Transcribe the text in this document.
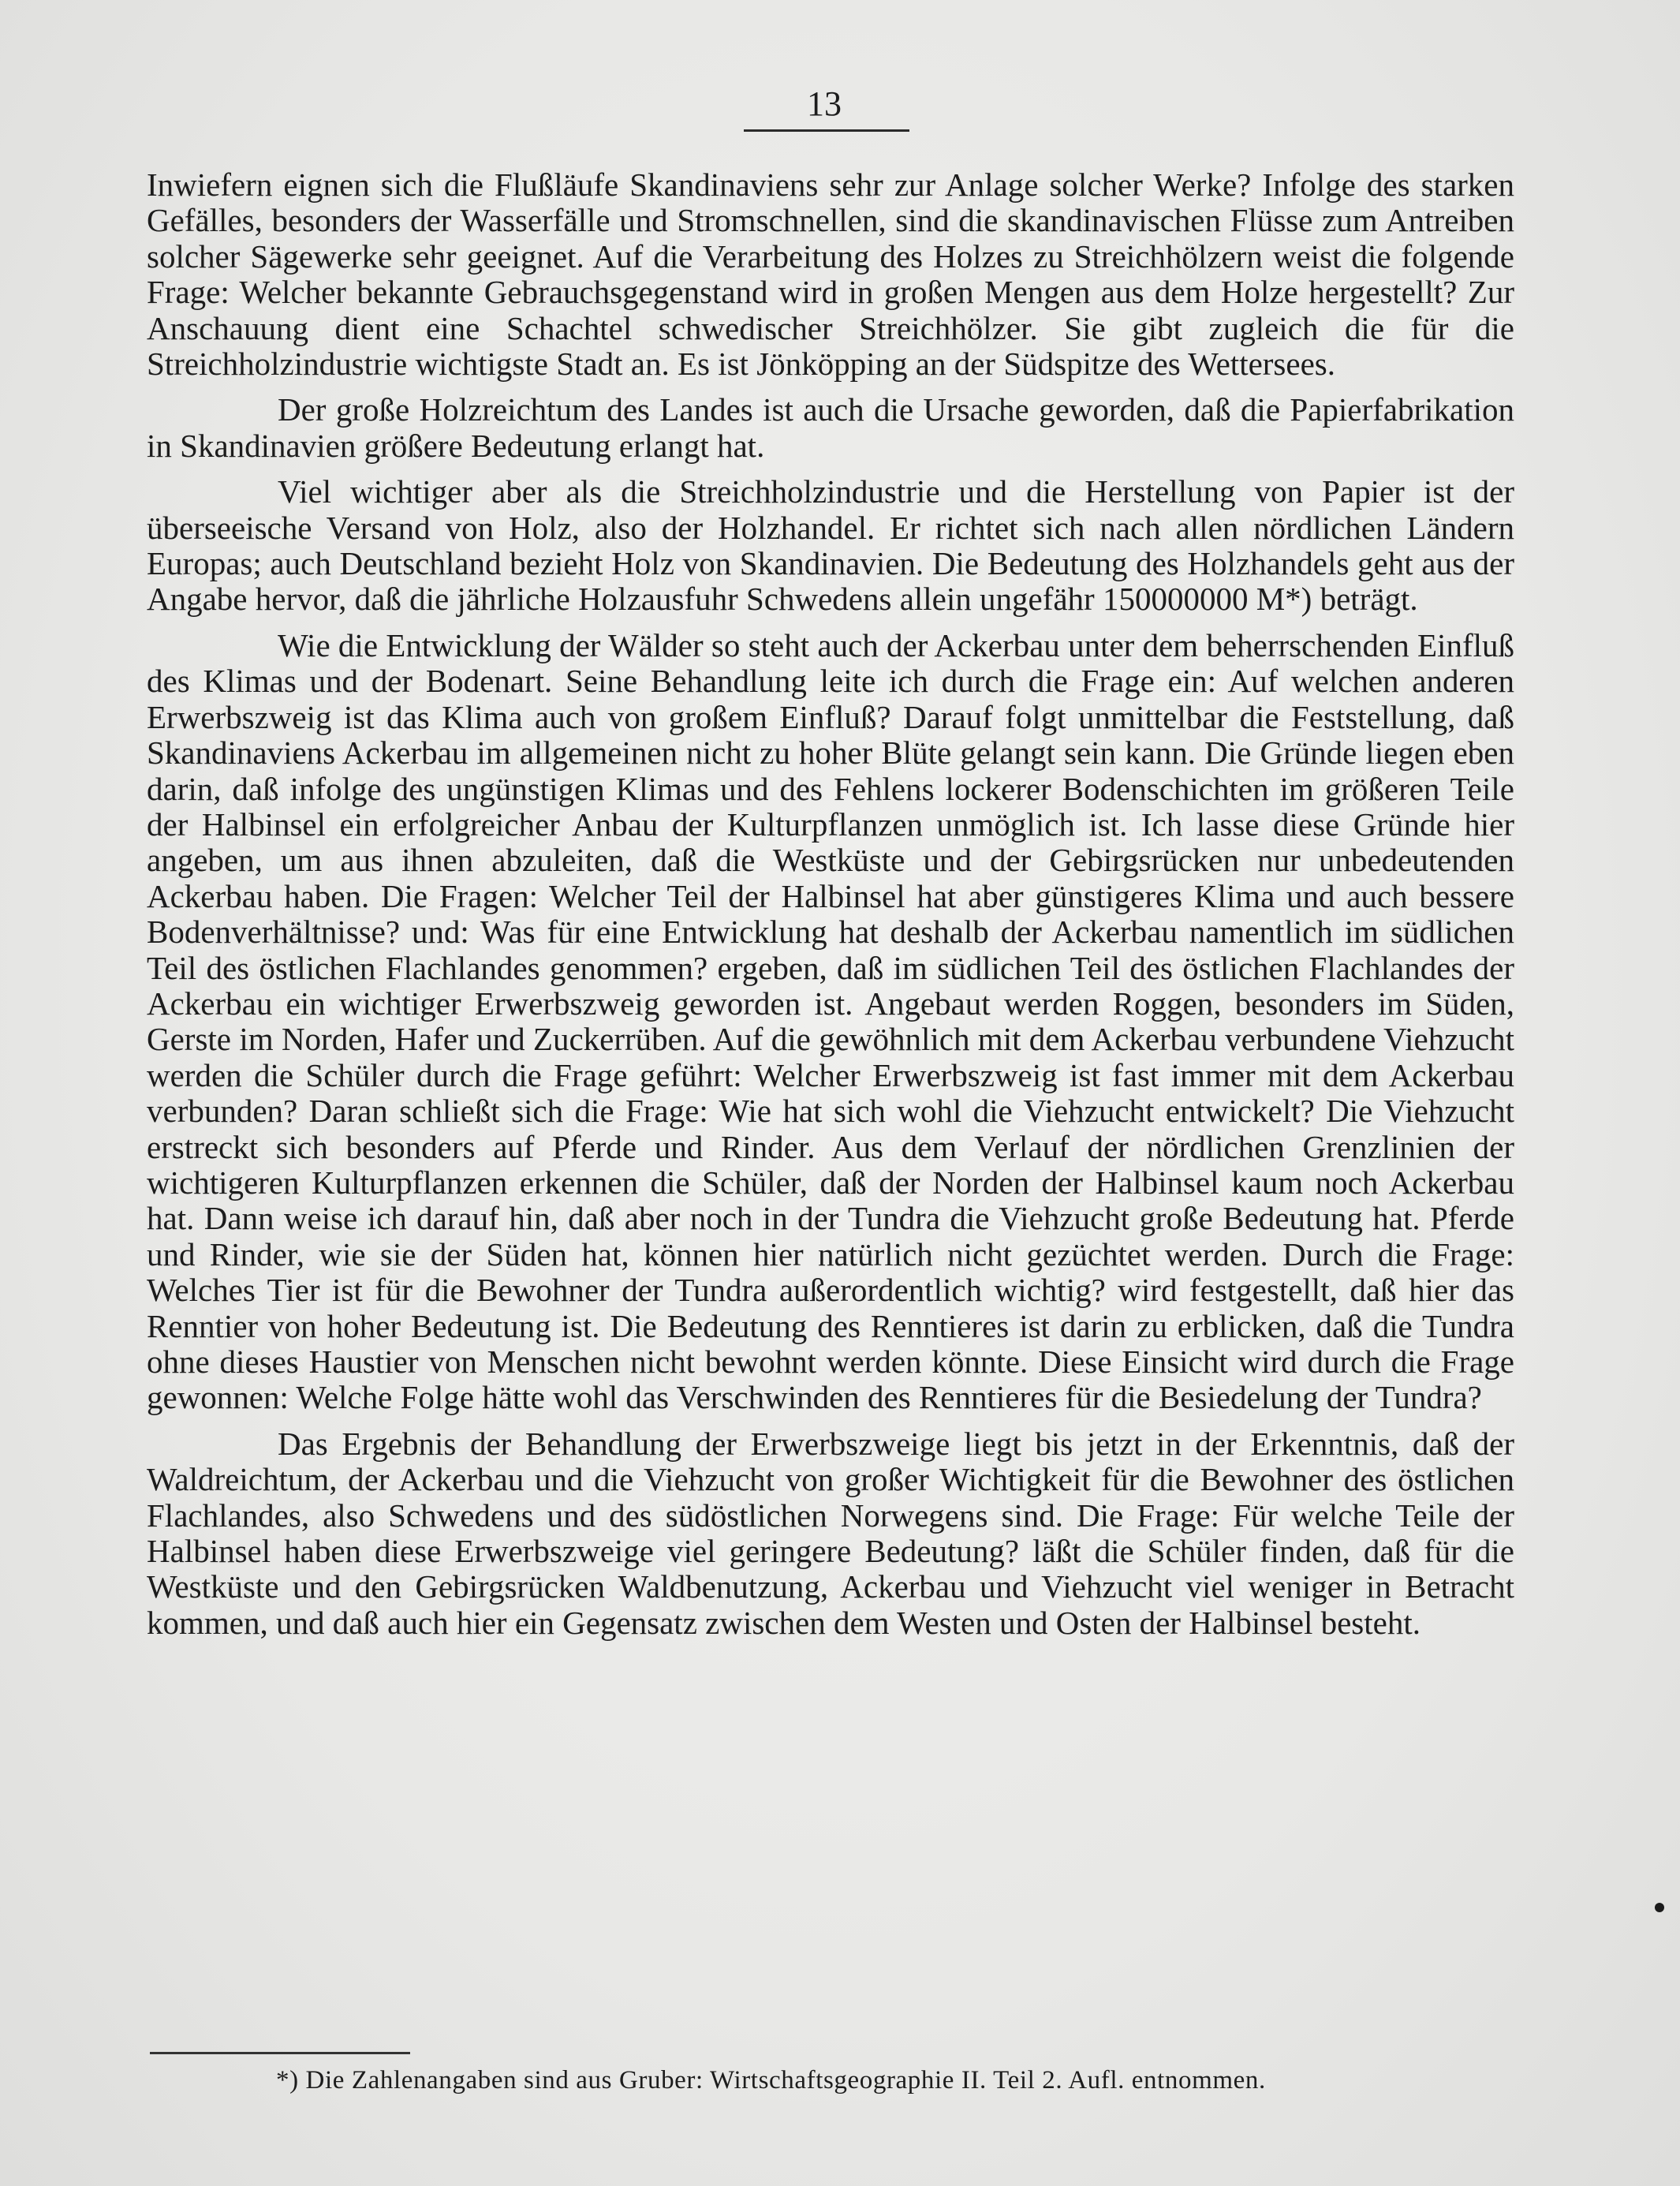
13

Inwiefern eignen sich die Flußläufe Skandinaviens sehr zur Anlage solcher Werke? Infolge des starken Gefälles, besonders der Wasserfälle und Stromschnellen, sind die skandinavischen Flüsse zum Antreiben solcher Sägewerke sehr geeignet. Auf die Verarbeitung des Holzes zu Streichhölzern weist die folgende Frage: Welcher bekannte Gebrauchsgegenstand wird in großen Mengen aus dem Holze hergestellt? Zur Anschauung dient eine Schachtel schwedischer Streichhölzer. Sie gibt zugleich die für die Streichholzindustrie wichtigste Stadt an. Es ist Jönköpping an der Südspitze des Wettersees.

Der große Holzreichtum des Landes ist auch die Ursache geworden, daß die Papierfabrikation in Skandinavien größere Bedeutung erlangt hat.

Viel wichtiger aber als die Streichholzindustrie und die Herstellung von Papier ist der überseeische Versand von Holz, also der Holzhandel. Er richtet sich nach allen nördlichen Ländern Europas; auch Deutschland bezieht Holz von Skandinavien. Die Bedeutung des Holzhandels geht aus der Angabe hervor, daß die jährliche Holzausfuhr Schwedens allein ungefähr 150000000 M*) beträgt.

Wie die Entwicklung der Wälder so steht auch der Ackerbau unter dem beherrschenden Einfluß des Klimas und der Bodenart. Seine Behandlung leite ich durch die Frage ein: Auf welchen anderen Erwerbszweig ist das Klima auch von großem Einfluß? Darauf folgt unmittelbar die Feststellung, daß Skandinaviens Ackerbau im allgemeinen nicht zu hoher Blüte gelangt sein kann. Die Gründe liegen eben darin, daß infolge des ungünstigen Klimas und des Fehlens lockerer Bodenschichten im größeren Teile der Halbinsel ein erfolgreicher Anbau der Kulturpflanzen unmöglich ist. Ich lasse diese Gründe hier angeben, um aus ihnen abzuleiten, daß die Westküste und der Gebirgsrücken nur unbedeutenden Ackerbau haben. Die Fragen: Welcher Teil der Halbinsel hat aber günstigeres Klima und auch bessere Bodenverhältnisse? und: Was für eine Entwicklung hat deshalb der Ackerbau namentlich im südlichen Teil des östlichen Flachlandes genommen? ergeben, daß im südlichen Teil des östlichen Flachlandes der Ackerbau ein wichtiger Erwerbszweig geworden ist. Angebaut werden Roggen, besonders im Süden, Gerste im Norden, Hafer und Zuckerrüben. Auf die gewöhnlich mit dem Ackerbau verbundene Viehzucht werden die Schüler durch die Frage geführt: Welcher Erwerbszweig ist fast immer mit dem Ackerbau verbunden? Daran schließt sich die Frage: Wie hat sich wohl die Viehzucht entwickelt? Die Viehzucht erstreckt sich besonders auf Pferde und Rinder. Aus dem Verlauf der nördlichen Grenzlinien der wichtigeren Kulturpflanzen erkennen die Schüler, daß der Norden der Halbinsel kaum noch Ackerbau hat. Dann weise ich darauf hin, daß aber noch in der Tundra die Viehzucht große Bedeutung hat. Pferde und Rinder, wie sie der Süden hat, können hier natürlich nicht gezüchtet werden. Durch die Frage: Welches Tier ist für die Bewohner der Tundra außerordentlich wichtig? wird festgestellt, daß hier das Renntier von hoher Bedeutung ist. Die Bedeutung des Renntieres ist darin zu erblicken, daß die Tundra ohne dieses Haustier von Menschen nicht bewohnt werden könnte. Diese Einsicht wird durch die Frage gewonnen: Welche Folge hätte wohl das Verschwinden des Renntieres für die Besiedelung der Tundra?

Das Ergebnis der Behandlung der Erwerbszweige liegt bis jetzt in der Erkenntnis, daß der Waldreichtum, der Ackerbau und die Viehzucht von großer Wichtigkeit für die Bewohner des östlichen Flachlandes, also Schwedens und des südöstlichen Norwegens sind. Die Frage: Für welche Teile der Halbinsel haben diese Erwerbszweige viel geringere Bedeutung? läßt die Schüler finden, daß für die Westküste und den Gebirgsrücken Waldbenutzung, Ackerbau und Viehzucht viel weniger in Betracht kommen, und daß auch hier ein Gegensatz zwischen dem Westen und Osten der Halbinsel besteht.

*) Die Zahlenangaben sind aus Gruber: Wirtschaftsgeographie II. Teil 2. Aufl. entnommen.
